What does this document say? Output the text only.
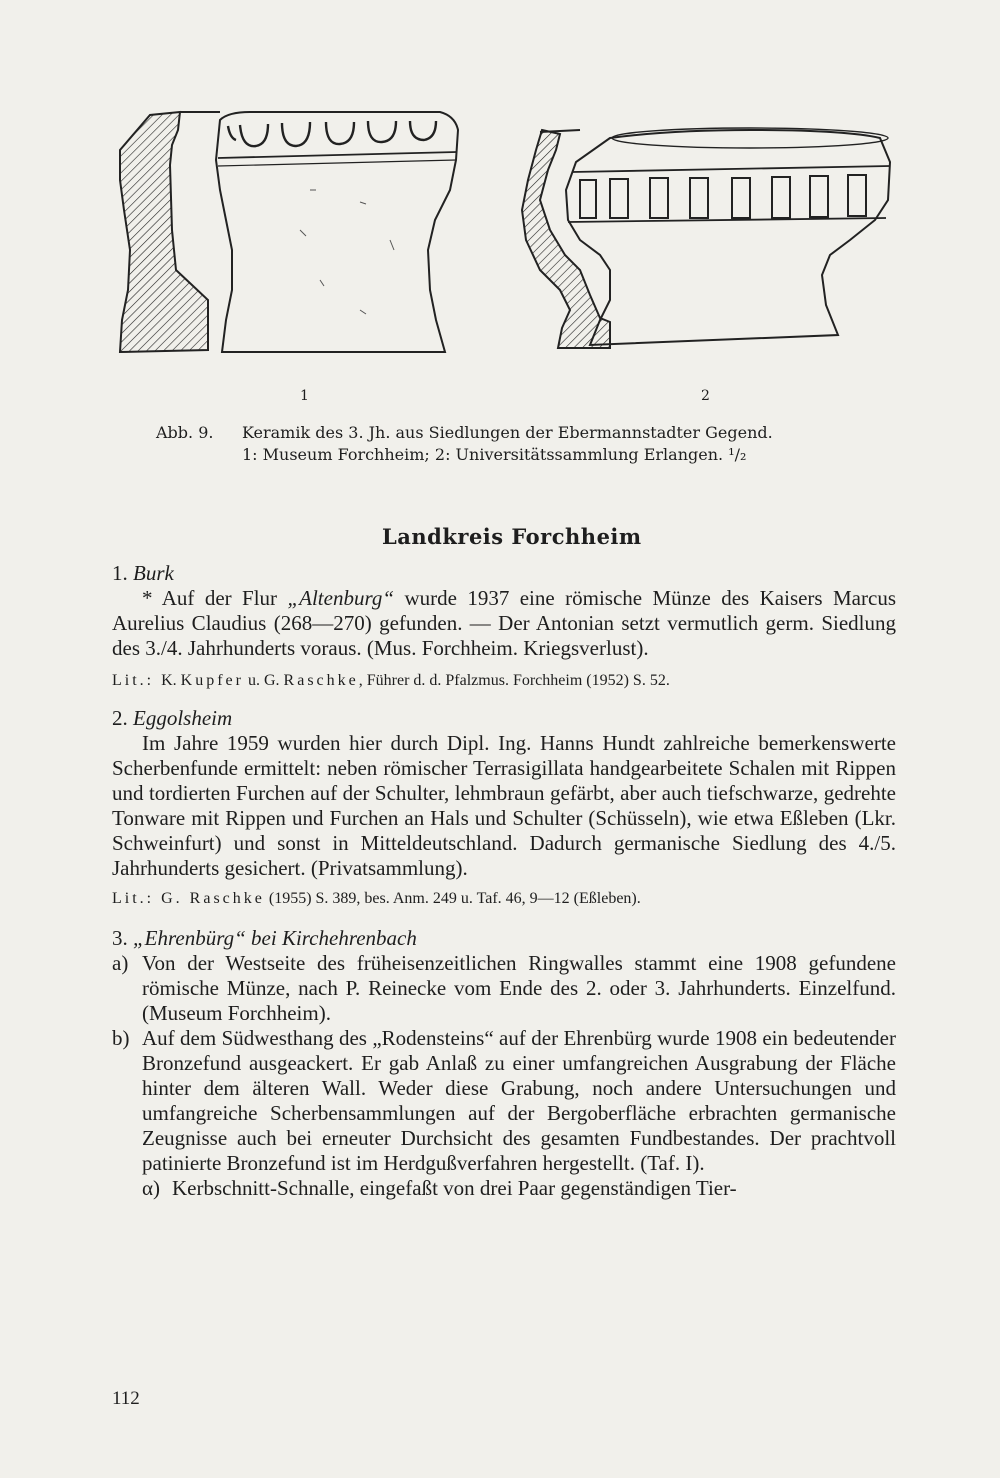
1	2
Abb. 9. Keramik des 3. Jh. aus Siedlungen der Ebermannstadter Gegend.
1: Museum Forchheim; 2: Universitätssammlung Erlangen. ¹/₂
Landkreis Forchheim

1. Burk

* Auf der Flur „Altenburg“ wurde 1937 eine römische Münze des Kaisers Marcus Aurelius Claudius (268—270) gefunden. — Der Antonian setzt vermutlich germ. Siedlung des 3./4. Jahrhunderts voraus. (Mus. Forchheim. Kriegsverlust).

Lit.: K. Kupfer u. G. Raschke, Führer d. d. Pfalzmus. Forchheim (1952) S. 52.

2. Eggolsheim

Im Jahre 1959 wurden hier durch Dipl. Ing. Hanns Hundt zahlreiche bemerkenswerte Scherbenfunde ermittelt: neben römischer Terrasigillata handgearbeitete Schalen mit Rippen und tordierten Furchen auf der Schulter, lehmbraun gefärbt, aber auch tiefschwarze, gedrehte Tonware mit Rippen und Furchen an Hals und Schulter (Schüsseln), wie etwa Eßleben (Lkr. Schweinfurt) und sonst in Mitteldeutschland. Dadurch germanische Siedlung des 4./5. Jahrhunderts gesichert. (Privatsammlung).

Lit.: G. Raschke (1955) S. 389, bes. Anm. 249 u. Taf. 46, 9—12 (Eßleben).

3. „Ehrenbürg“ bei Kirchehrenbach

a) Von der Westseite des früheisenzeitlichen Ringwalles stammt eine 1908 gefundene römische Münze, nach P. Reinecke vom Ende des 2. oder 3. Jahrhunderts. Einzelfund. (Museum Forchheim).
b) Auf dem Südwesthang des „Rodensteins“ auf der Ehrenbürg wurde 1908 ein bedeutender Bronzefund ausgeackert. Er gab Anlaß zu einer umfangreichen Ausgrabung der Fläche hinter dem älteren Wall. Weder diese Grabung, noch andere Untersuchungen und umfangreiche Scherbensammlungen auf der Bergoberfläche erbrachten germanische Zeugnisse auch bei erneuter Durchsicht des gesamten Fundbestandes. Der prachtvoll patinierte Bronzefund ist im Herdgußverfahren hergestellt. (Taf. I).
α) Kerbschnitt-Schnalle, eingefaßt von drei Paar gegenständigen Tier-
112
